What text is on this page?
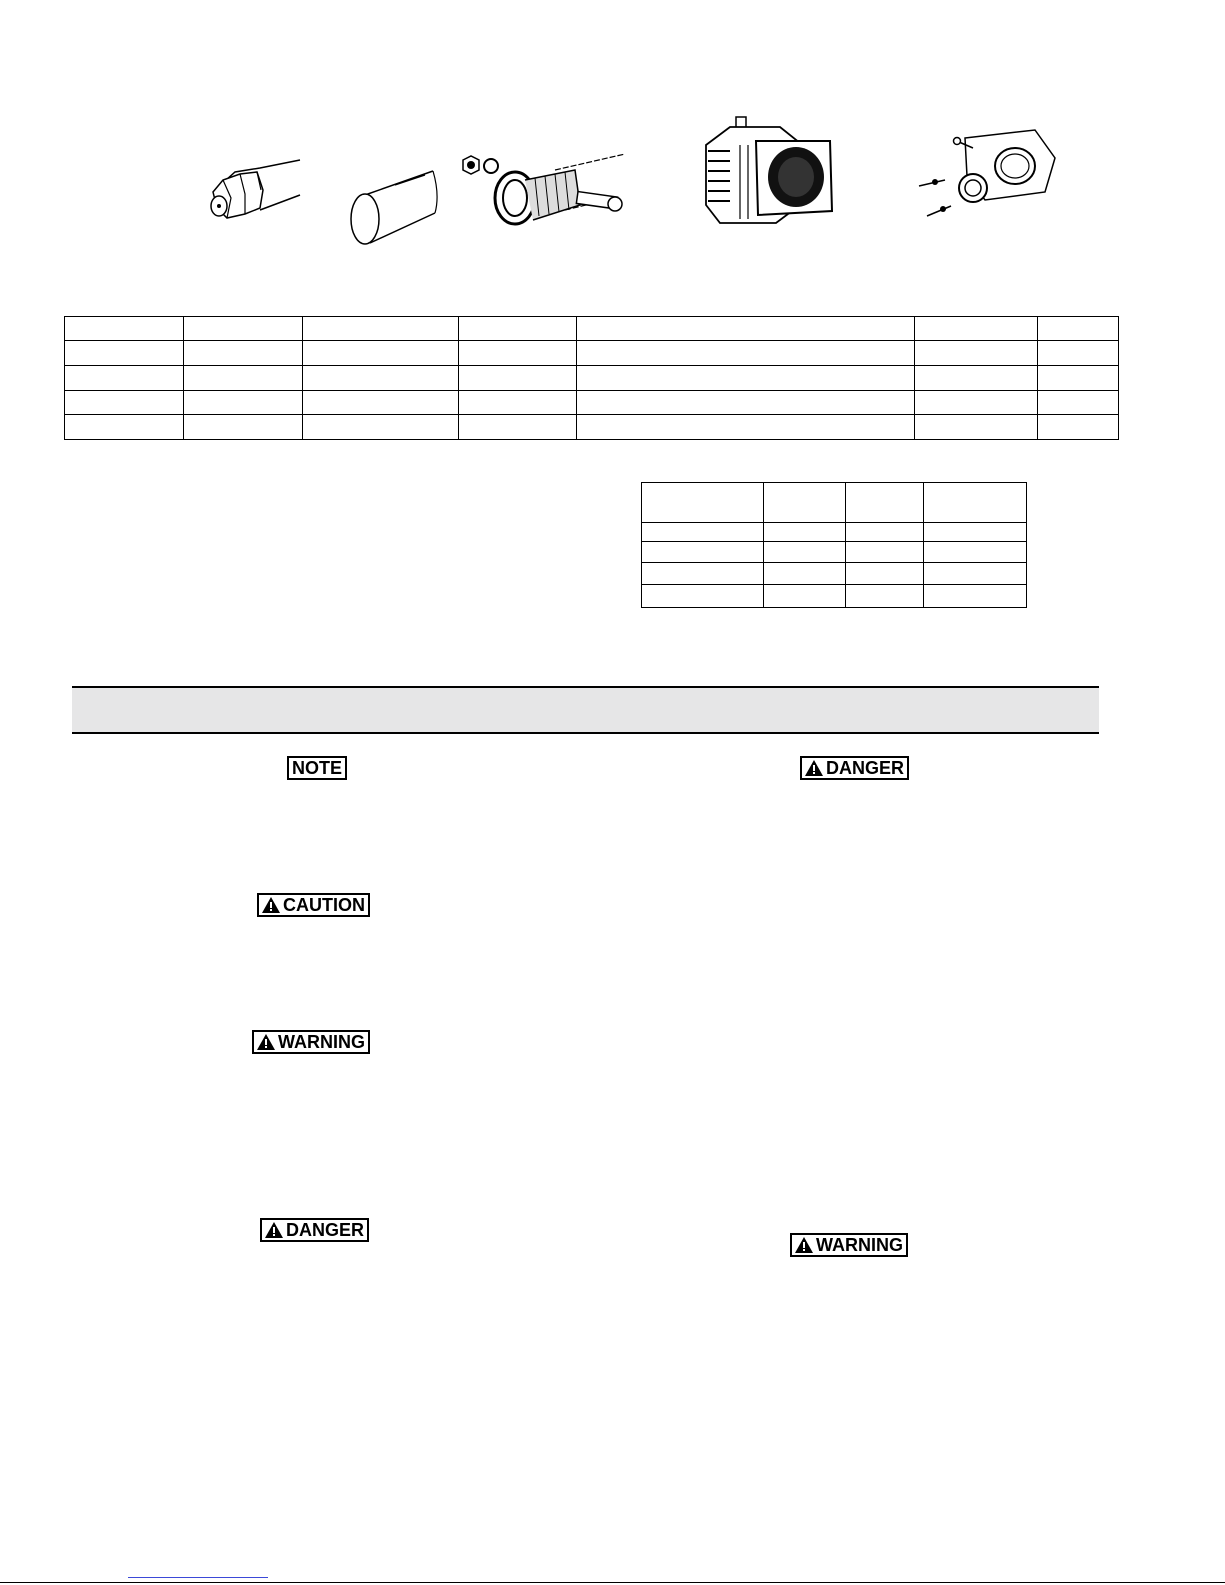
NOTE
CAUTION
WARNING
DANGER
DANGER
WARNING
